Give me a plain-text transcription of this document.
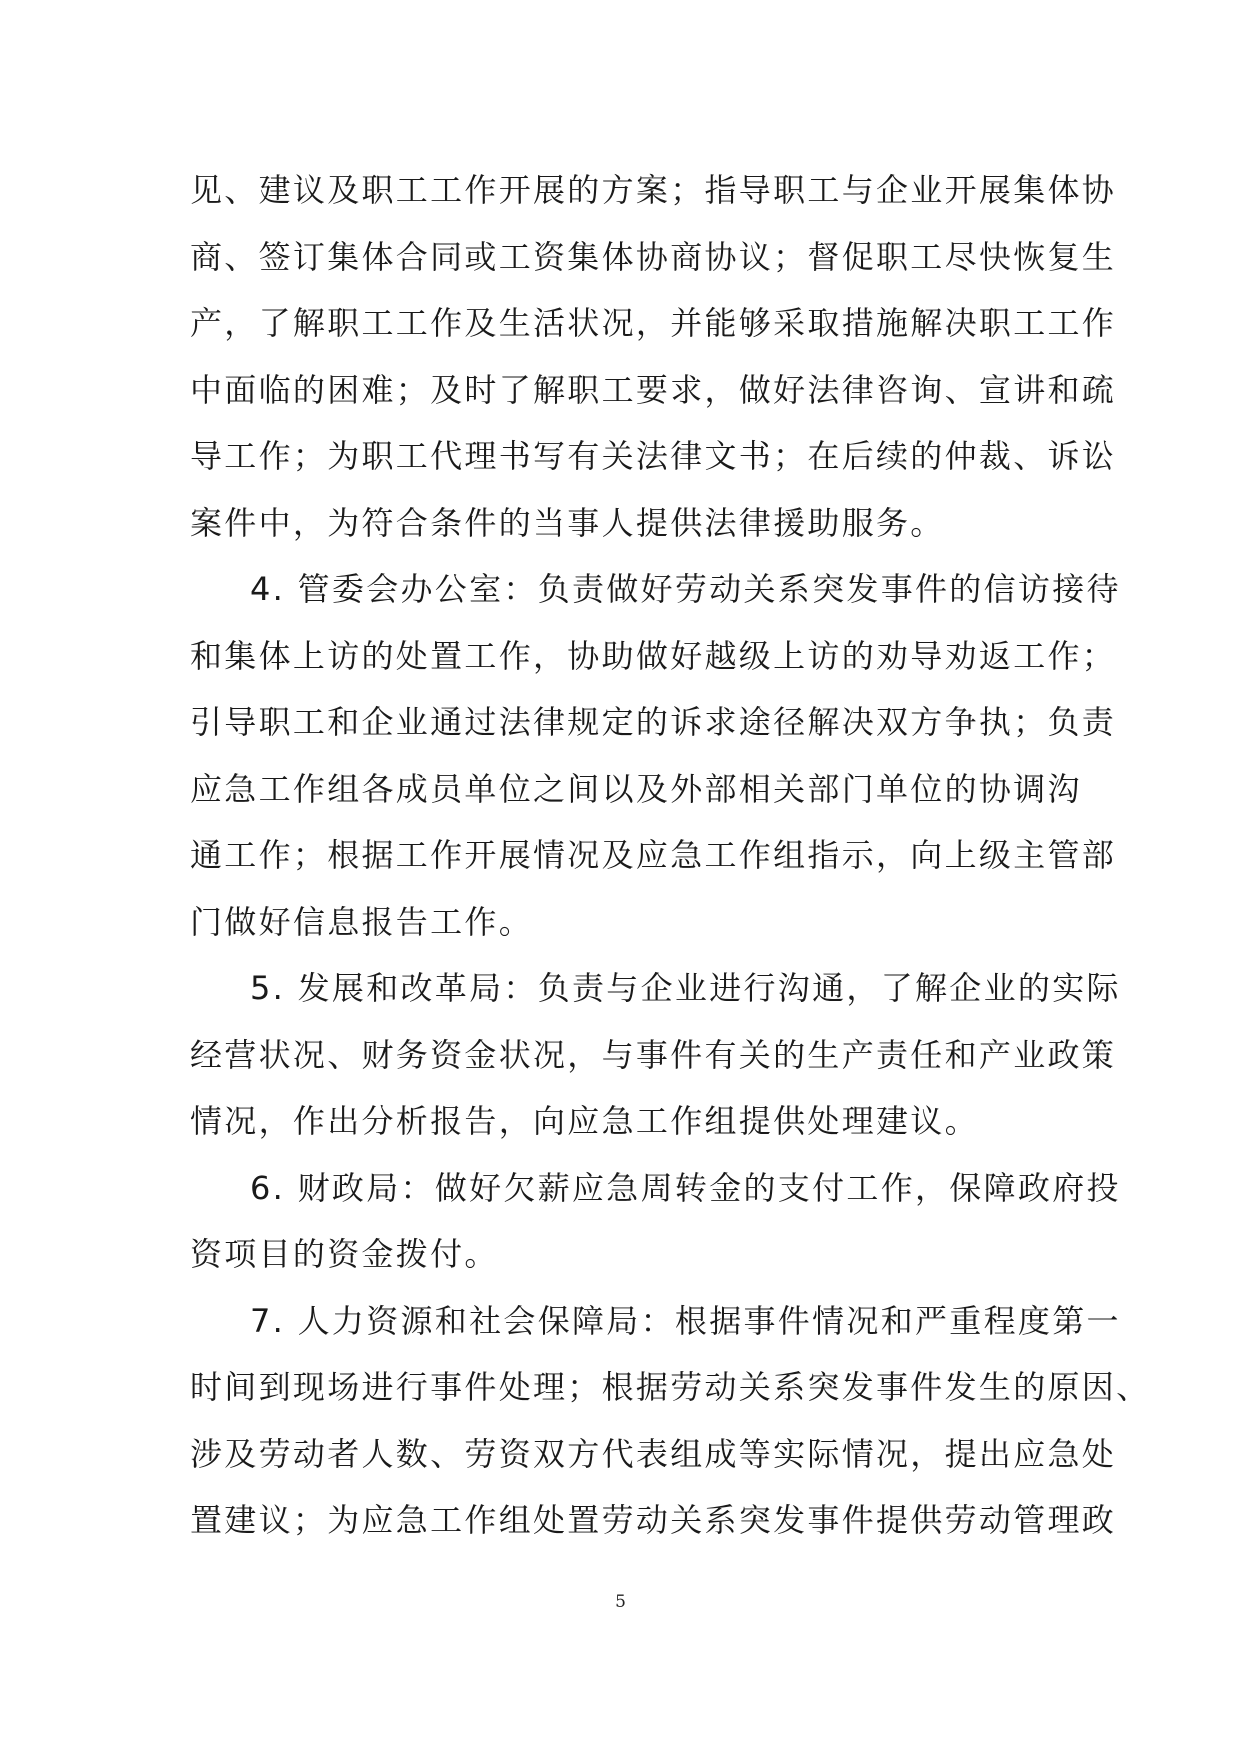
见、建议及职工工作开展的方案；指导职工与企业开展集体协
商、签订集体合同或工资集体协商协议；督促职工尽快恢复生
产，了解职工工作及生活状况，并能够采取措施解决职工工作
中面临的困难；及时了解职工要求，做好法律咨询、宣讲和疏
导工作；为职工代理书写有关法律文书；在后续的仲裁、诉讼
案件中，为符合条件的当事人提供法律援助服务。
4. 管委会办公室：负责做好劳动关系突发事件的信访接待
和集体上访的处置工作，协助做好越级上访的劝导劝返工作；
引导职工和企业通过法律规定的诉求途径解决双方争执；负责
应急工作组各成员单位之间以及外部相关部门单位的协调沟
通工作；根据工作开展情况及应急工作组指示，向上级主管部
门做好信息报告工作。
5. 发展和改革局：负责与企业进行沟通，了解企业的实际
经营状况、财务资金状况，与事件有关的生产责任和产业政策
情况，作出分析报告，向应急工作组提供处理建议。
6. 财政局：做好欠薪应急周转金的支付工作，保障政府投
资项目的资金拨付。
7. 人力资源和社会保障局：根据事件情况和严重程度第一
时间到现场进行事件处理；根据劳动关系突发事件发生的原因、
涉及劳动者人数、劳资双方代表组成等实际情况，提出应急处
置建议；为应急工作组处置劳动关系突发事件提供劳动管理政
5
